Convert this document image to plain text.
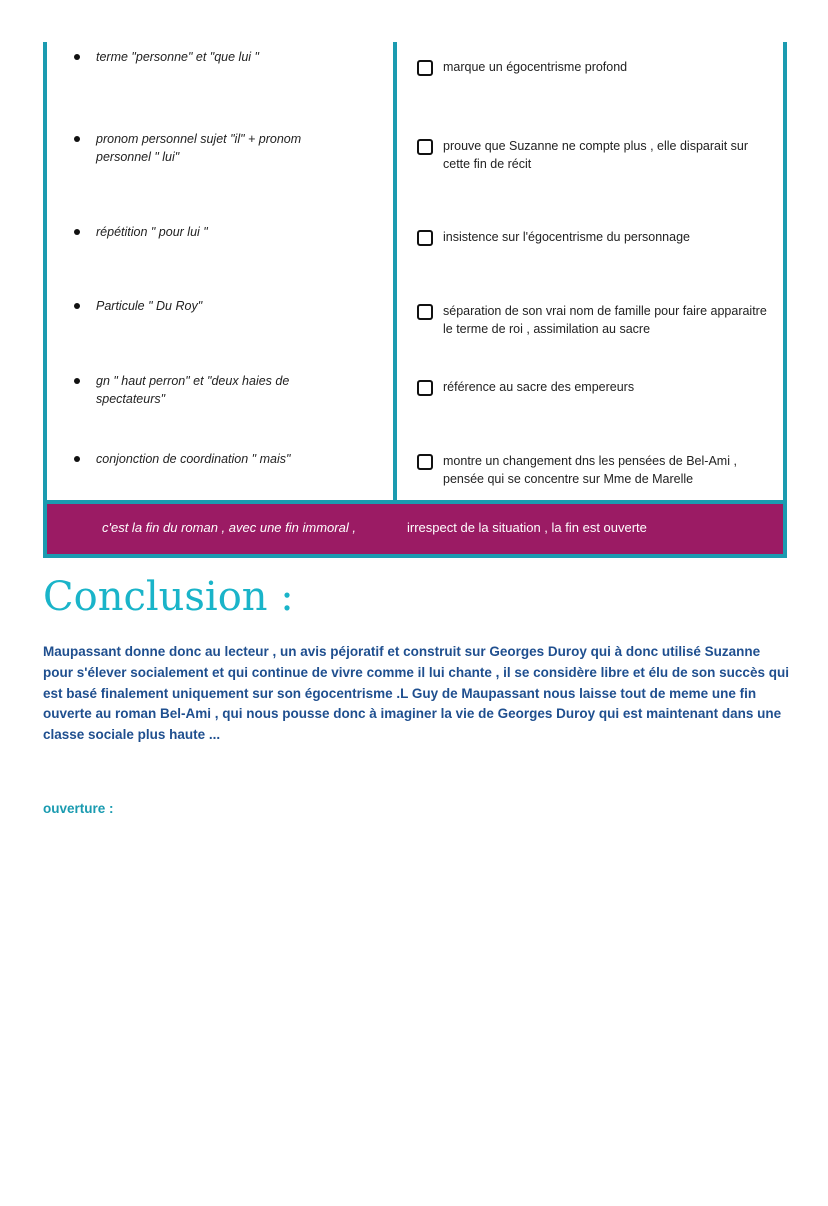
terme "personne" et "que lui "
pronom personnel sujet "il" + pronom personnel " lui"
répétition " pour lui "
Particule " Du Roy"
gn " haut perron" et "deux haies de spectateurs"
conjonction de coordination " mais"
marque un égocentrisme profond
prouve que Suzanne ne compte plus , elle disparait sur cette fin de récit
insistence sur l'égocentrisme du personnage
séparation de son vrai nom de famille pour faire apparaitre le terme de roi , assimilation au sacre
référence au sacre des empereurs
montre un changement dns les pensées de Bel-Ami , pensée qui se concentre sur Mme de Marelle
c'est la fin du roman , avec une fin immoral ,	irrespect de la situation , la fin est ouverte
Conclusion :
Maupassant donne donc au lecteur , un avis péjoratif et construit sur Georges Duroy qui à donc utilisé Suzanne pour s'élever socialement et qui continue de vivre comme il lui chante , il se considère libre et élu de son succès qui est basé finalement uniquement sur son égocentrisme .L Guy de Maupassant nous laisse tout de meme une fin ouverte au roman Bel-Ami , qui nous pousse donc à imaginer la vie de Georges Duroy qui est maintenant dans une classe sociale plus haute ...
ouverture :
